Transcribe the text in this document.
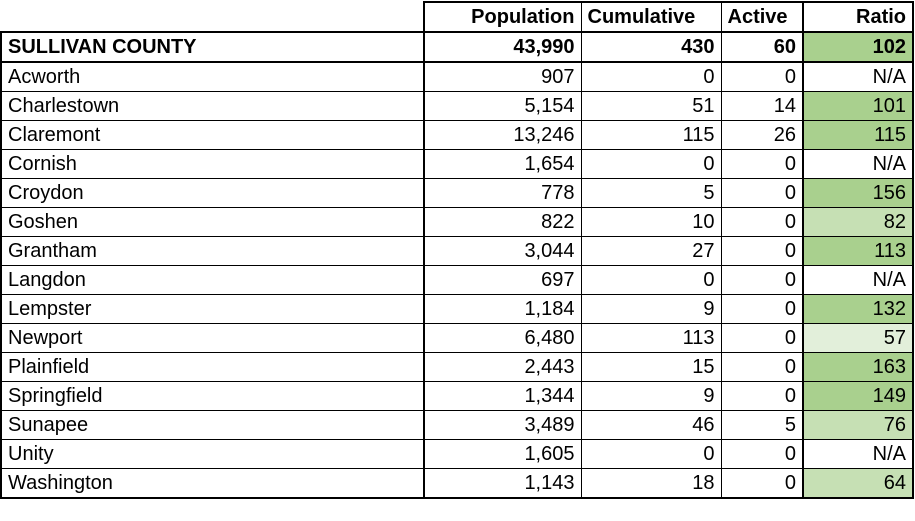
	Population	Cumulative	Active	Ratio
SULLIVAN COUNTY	43,990	430	60	102
Acworth	907	0	0	N/A
Charlestown	5,154	51	14	101
Claremont	13,246	115	26	115
Cornish	1,654	0	0	N/A
Croydon	778	5	0	156
Goshen	822	10	0	82
Grantham	3,044	27	0	113
Langdon	697	0	0	N/A
Lempster	1,184	9	0	132
Newport	6,480	113	0	57
Plainfield	2,443	15	0	163
Springfield	1,344	9	0	149
Sunapee	3,489	46	5	76
Unity	1,605	0	0	N/A
Washington	1,143	18	0	64
